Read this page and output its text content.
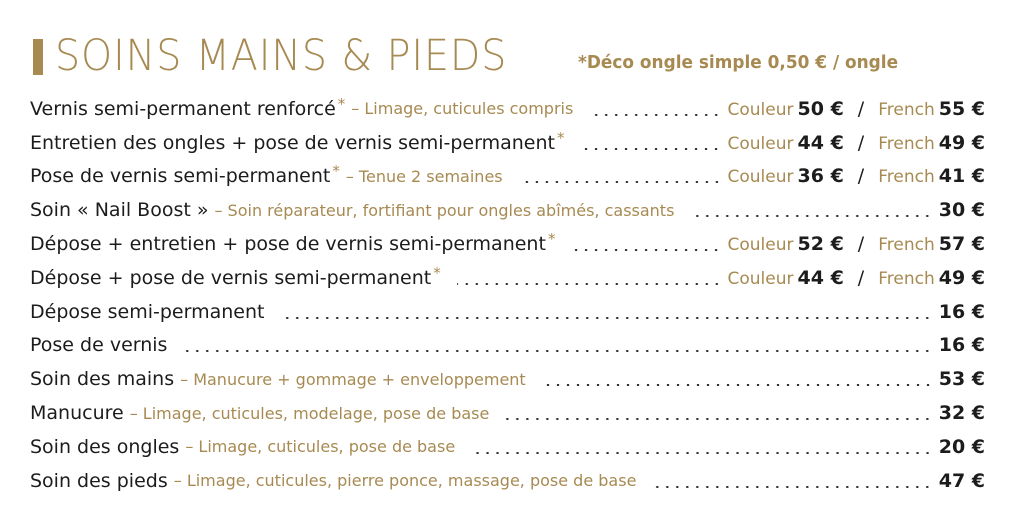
SOINS MAINS & PIEDS	*Déco ongle simple 0,50 € / ongle
Vernis semi-permanent renforcé * – Limage, cuticules compris	Couleur 50 € / French 55 €
Entretien des ongles + pose de vernis semi-permanent *	Couleur 44 € / French 49 €
Pose de vernis semi-permanent * – Tenue 2 semaines	Couleur 36 € / French 41 €
Soin « Nail Boost » – Soin réparateur, fortifiant pour ongles abîmés, cassants	30 €
Dépose + entretien + pose de vernis semi-permanent *	Couleur 52 € / French 57 €
Dépose + pose de vernis semi-permanent *	Couleur 44 € / French 49 €
Dépose semi-permanent	16 €
Pose de vernis	16 €
Soin des mains – Manucure + gommage + enveloppement	53 €
Manucure – Limage, cuticules, modelage, pose de base	32 €
Soin des ongles – Limage, cuticules, pose de base	20 €
Soin des pieds – Limage, cuticules, pierre ponce, massage, pose de base	47 €
